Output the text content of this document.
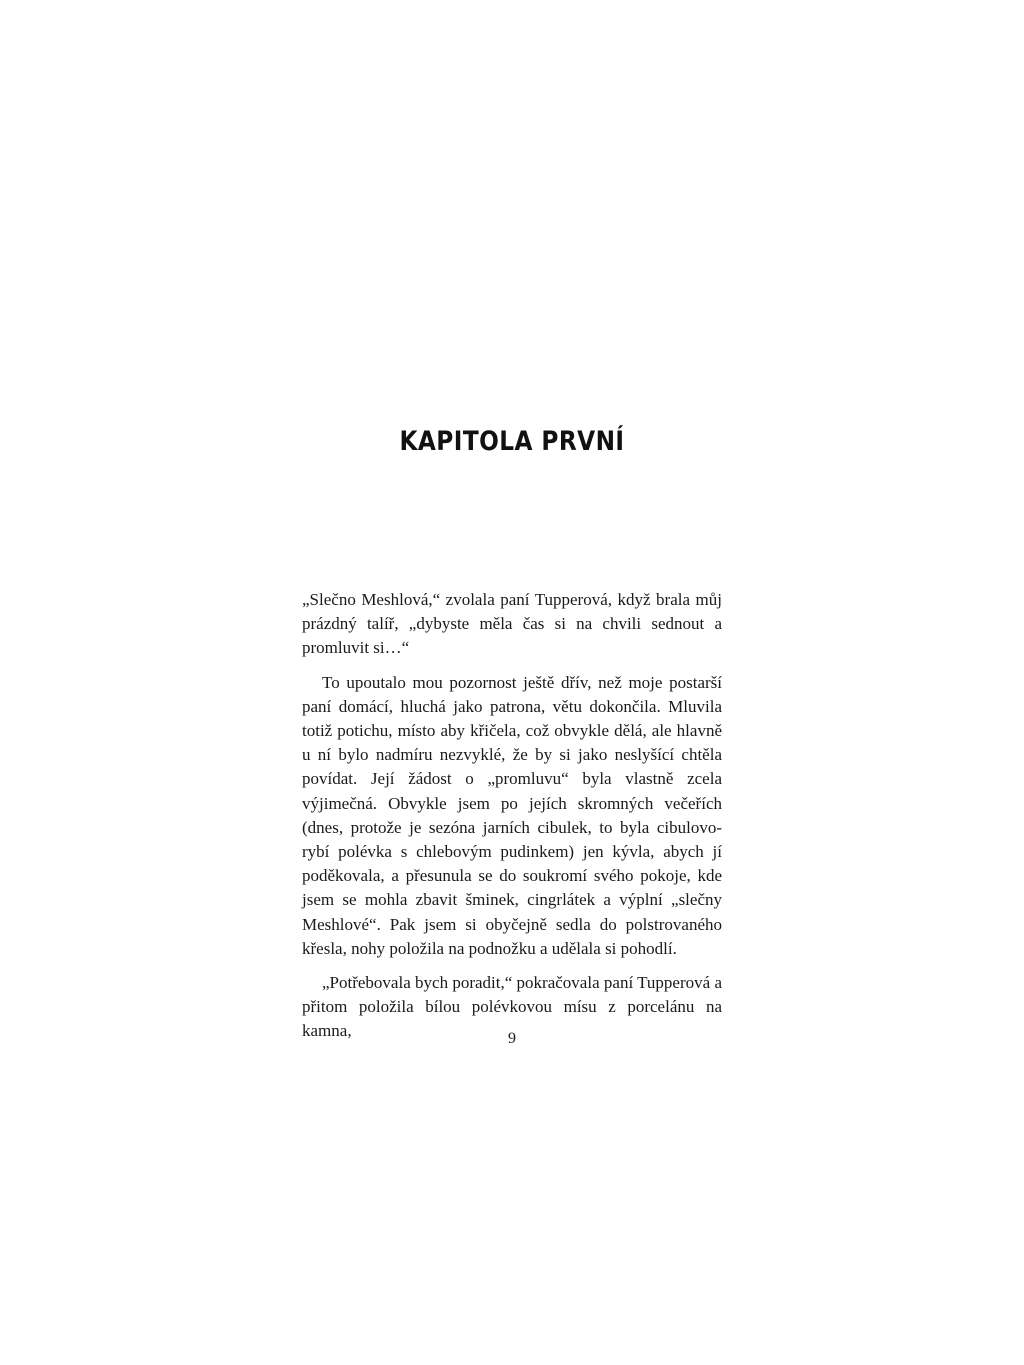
KAPITOLA PRVNÍ

„Slečno Meshlová,“ zvolala paní Tupperová, když brala můj prázdný talíř, „dybyste měla čas si na chvili sednout a promluvit si…“

To upoutalo mou pozornost ještě dřív, než moje postarší paní domácí, hluchá jako patrona, větu dokončila. Mluvila totiž potichu, místo aby křičela, což obvykle dělá, ale hlavně u ní bylo nadmíru nezvyklé, že by si jako neslyšící chtěla povídat. Její žádost o „promluvu“ byla vlastně zcela výjimečná. Obvykle jsem po jejích skromných večeřích (dnes, protože je sezóna jarních cibulek, to byla cibulovo-rybí polévka s chlebovým pudinkem) jen kývla, abych jí poděkovala, a přesunula se do soukromí svého pokoje, kde jsem se mohla zbavit šminek, cingrlátek a výplní „slečny Meshlové“. Pak jsem si obyčejně sedla do polstrovaného křesla, nohy položila na podnožku a udělala si pohodlí.

„Potřebovala bych poradit,“ pokračovala paní Tupperová a přitom položila bílou polévkovou mísu z porcelánu na kamna,	9
